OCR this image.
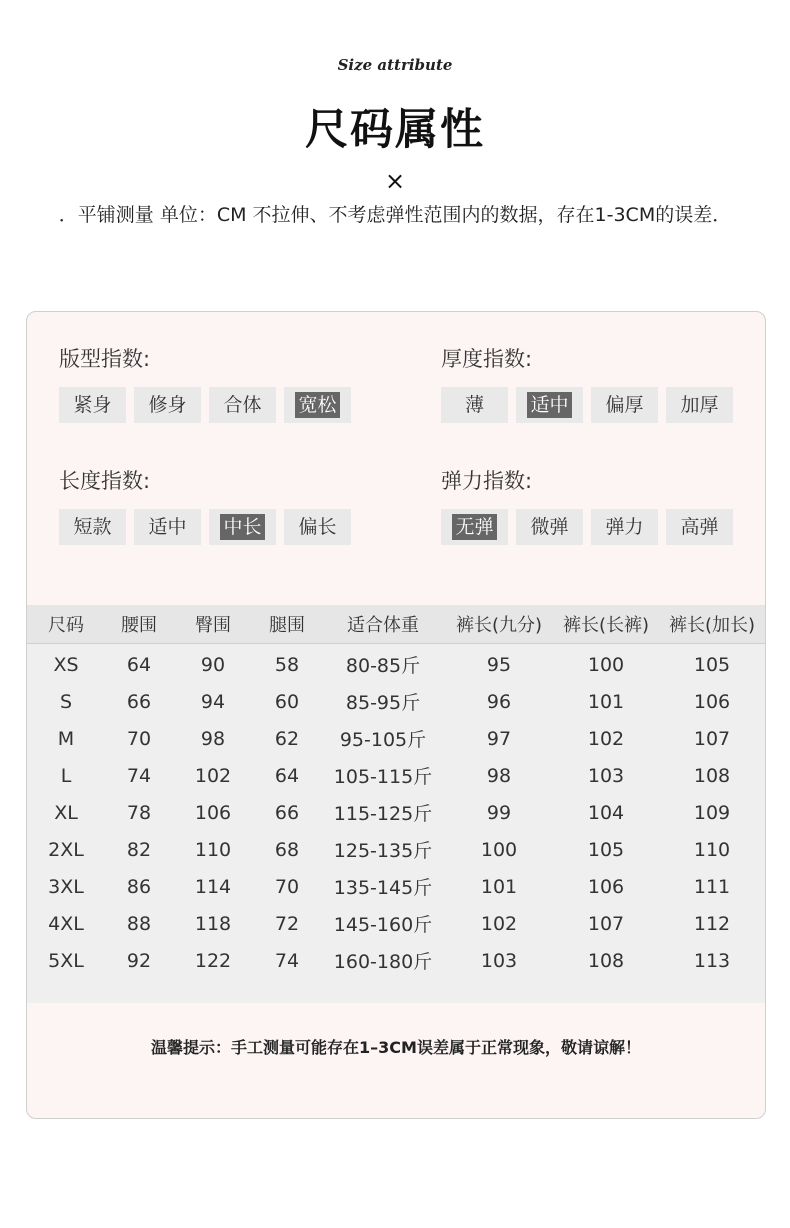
Size attribute
尺码属性
×
．平铺测量 单位：CM 不拉伸、不考虑弹性范围内的数据，存在1-3CM的误差．
版型指数:
紧身 修身 合体 宽松
厚度指数:
薄 适中 偏厚 加厚
长度指数:
短款 适中 中长 偏长
弹力指数:
无弹 微弹 弹力 高弹
尺码	腰围	臀围	腿围	适合体重	裤长(九分)	裤长(长裤)	裤长(加长)
XS	64	90	58	80-85斤	95	100	105
S	66	94	60	85-95斤	96	101	106
M	70	98	62	95-105斤	97	102	107
L	74	102	64	105-115斤	98	103	108
XL	78	106	66	115-125斤	99	104	109
2XL	82	110	68	125-135斤	100	105	110
3XL	86	114	70	135-145斤	101	106	111
4XL	88	118	72	145-160斤	102	107	112
5XL	92	122	74	160-180斤	103	108	113
温馨提示：手工测量可能存在1–3CM误差属于正常现象，敬请谅解！
